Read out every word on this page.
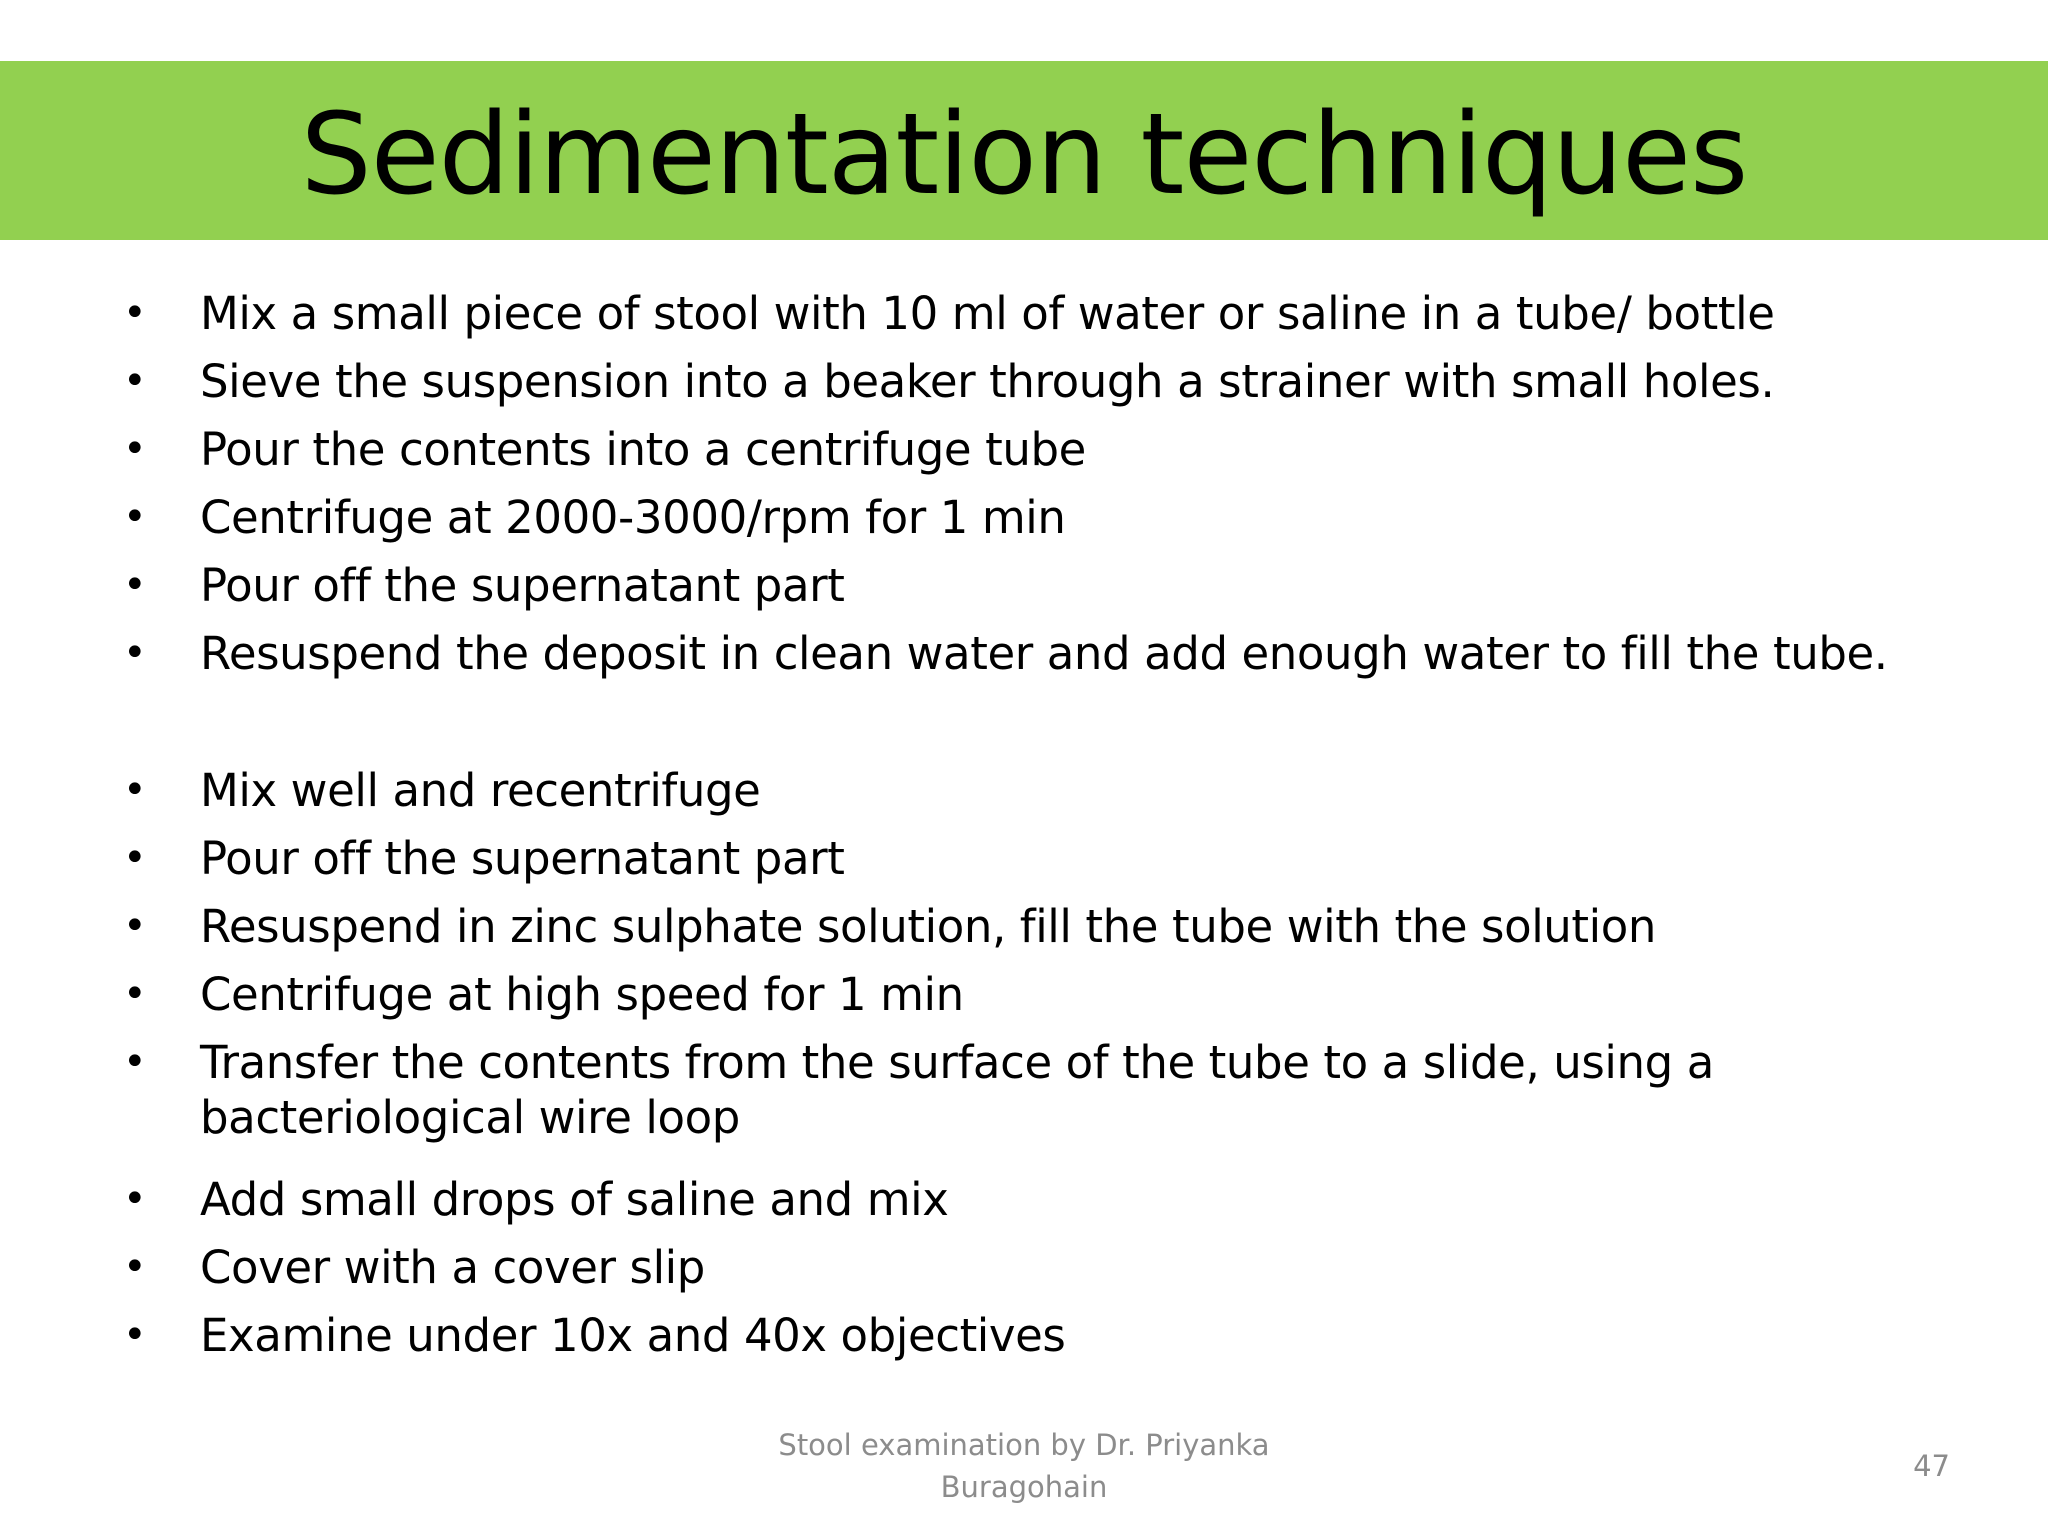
Sedimentation techniques
• Mix a small piece of stool with 10 ml of water or saline in a tube/ bottle
• Sieve the suspension into a beaker through a strainer with small holes.
• Pour the contents into a centrifuge tube
• Centrifuge at 2000-3000/rpm for 1 min
• Pour off the supernatant part
• Resuspend the deposit in clean water and add enough water to fill the tube.
• Mix well and recentrifuge
• Pour off the supernatant part
• Resuspend in zinc sulphate solution, fill the tube with the solution
• Centrifuge at high speed for 1 min
• Transfer the contents from the surface of the tube to a slide, using a bacteriological wire loop
• Add small drops of saline and mix
• Cover with a cover slip
• Examine under 10x and 40x objectives
Stool examination by Dr. Priyanka
Buragohain
47
